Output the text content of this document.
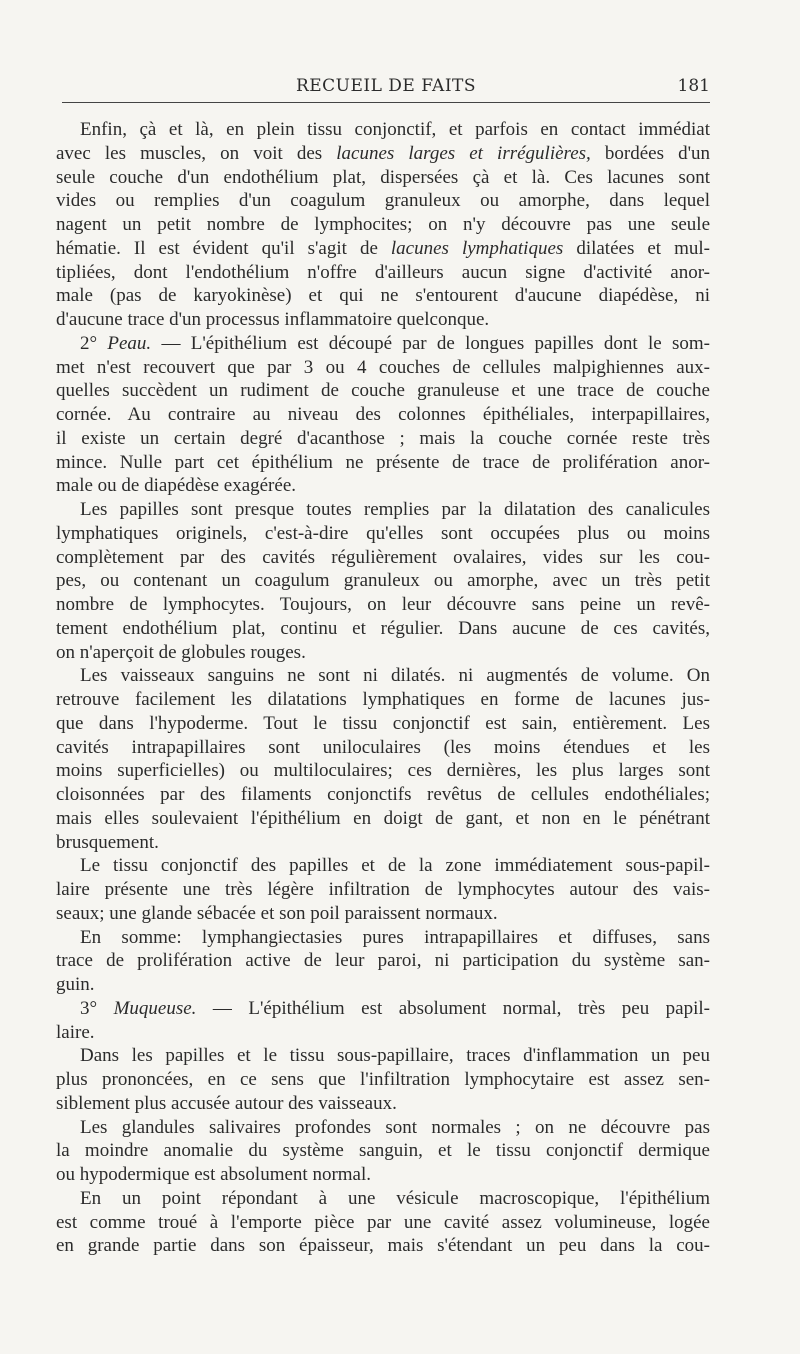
RECUEIL DE FAITS	181
Enfin, çà et là, en plein tissu conjonctif, et parfois en contact immédiat
avec les muscles, on voit des lacunes larges et irrégulières, bordées d'un
seule couche d'un endothélium plat, dispersées çà et là. Ces lacunes sont
vides ou remplies d'un coagulum granuleux ou amorphe, dans lequel
nagent un petit nombre de lymphocites; on n'y découvre pas une seule
hématie. Il est évident qu'il s'agit de lacunes lymphatiques dilatées et mul-
tipliées, dont l'endothélium n'offre d'ailleurs aucun signe d'activité anor-
male (pas de karyokinèse) et qui ne s'entourent d'aucune diapédèse, ni
d'aucune trace d'un processus inflammatoire quelconque.
2° Peau. — L'épithélium est découpé par de longues papilles dont le som-
met n'est recouvert que par 3 ou 4 couches de cellules malpighiennes aux-
quelles succèdent un rudiment de couche granuleuse et une trace de couche
cornée. Au contraire au niveau des colonnes épithéliales, interpapillaires,
il existe un certain degré d'acanthose ; mais la couche cornée reste très
mince. Nulle part cet épithélium ne présente de trace de prolifération anor-
male ou de diapédèse exagérée.
Les papilles sont presque toutes remplies par la dilatation des canalicules
lymphatiques originels, c'est-à-dire qu'elles sont occupées plus ou moins
complètement par des cavités régulièrement ovalaires, vides sur les cou-
pes, ou contenant un coagulum granuleux ou amorphe, avec un très petit
nombre de lymphocytes. Toujours, on leur découvre sans peine un revê-
tement endothélium plat, continu et régulier. Dans aucune de ces cavités,
on n'aperçoit de globules rouges.
Les vaisseaux sanguins ne sont ni dilatés. ni augmentés de volume. On
retrouve facilement les dilatations lymphatiques en forme de lacunes jus-
que dans l'hypoderme. Tout le tissu conjonctif est sain, entièrement. Les
cavités intrapapillaires sont uniloculaires (les moins étendues et les
moins superficielles) ou multiloculaires; ces dernières, les plus larges sont
cloisonnées par des filaments conjonctifs revêtus de cellules endothéliales;
mais elles soulevaient l'épithélium en doigt de gant, et non en le pénétrant
brusquement.
Le tissu conjonctif des papilles et de la zone immédiatement sous-papil-
laire présente une très légère infiltration de lymphocytes autour des vais-
seaux; une glande sébacée et son poil paraissent normaux.
En somme: lymphangiectasies pures intrapapillaires et diffuses, sans
trace de prolifération active de leur paroi, ni participation du système san-
guin.
3° Muqueuse. — L'épithélium est absolument normal, très peu papil-
laire.
Dans les papilles et le tissu sous-papillaire, traces d'inflammation un peu
plus prononcées, en ce sens que l'infiltration lymphocytaire est assez sen-
siblement plus accusée autour des vaisseaux.
Les glandules salivaires profondes sont normales ; on ne découvre pas
la moindre anomalie du système sanguin, et le tissu conjonctif dermique
ou hypodermique est absolument normal.
En un point répondant à une vésicule macroscopique, l'épithélium
est comme troué à l'emporte pièce par une cavité assez volumineuse, logée
en grande partie dans son épaisseur, mais s'étendant un peu dans la cou-
